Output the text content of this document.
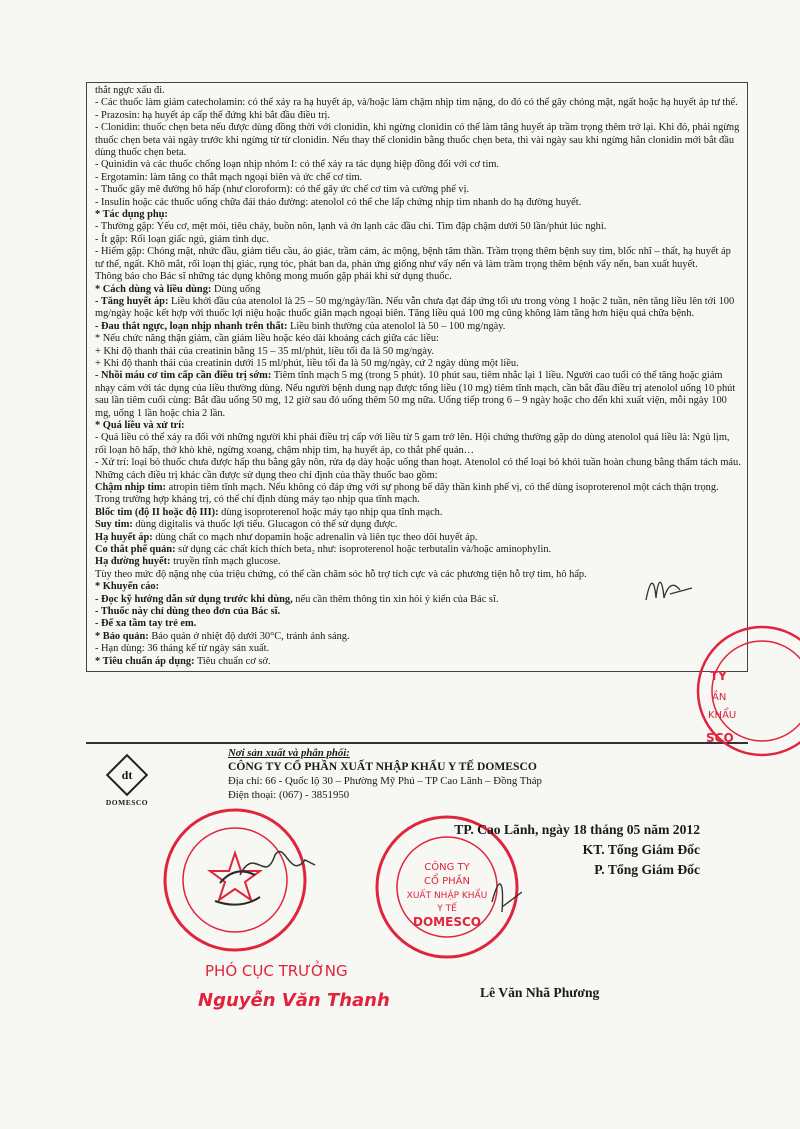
thắt ngực xấu đi.

- Các thuốc làm giảm catecholamin: có thể xảy ra hạ huyết áp, và/hoặc làm chậm nhịp tim nặng, do đó có thể gây chóng mặt, ngất hoặc hạ huyết áp tư thế.

- Prazosin: hạ huyết áp cấp thế đứng khi bắt đầu điều trị.

- Clonidin: thuốc chẹn beta nếu được dùng đồng thời với clonidin, khi ngừng clonidin có thể làm tăng huyết áp trầm trọng thêm trở lại. Khi đó, phải ngừng thuốc chẹn beta vài ngày trước khi ngừng từ từ clonidin. Nếu thay thế clonidin bằng thuốc chẹn beta, thì vài ngày sau khi ngừng hẳn clonidin mới bắt đầu dùng thuốc chẹn beta.

- Quinidin và các thuốc chống loạn nhịp nhóm I: có thể xảy ra tác dụng hiệp đồng đối với cơ tim.

- Ergotamin: làm tăng co thắt mạch ngoại biên và ức chế cơ tim.

- Thuốc gây mê đường hô hấp (như cloroform): có thể gây ức chế cơ tim và cường phế vị.

- Insulin hoặc các thuốc uống chữa đái tháo đường: atenolol có thể che lấp chứng nhịp tim nhanh do hạ đường huyết.

* Tác dụng phụ:

- Thường gặp: Yếu cơ, mệt mỏi, tiêu chảy, buồn nôn, lạnh và ớn lạnh các đầu chi. Tim đập chậm dưới 50 lần/phút lúc nghỉ.

- Ít gặp: Rối loạn giấc ngủ, giảm tình dục.

- Hiếm gặp: Chóng mặt, nhức đầu, giảm tiểu cầu, ảo giác, trầm cảm, ác mộng, bệnh tâm thần. Trầm trọng thêm bệnh suy tim, blốc nhĩ – thất, hạ huyết áp tư thế, ngất. Khô mắt, rối loạn thị giác, rụng tóc, phát ban da, phản ứng giống như vẩy nến và làm trầm trọng thêm bệnh vẩy nến, ban xuất huyết.

Thông báo cho Bác sĩ những tác dụng không mong muốn gặp phải khi sử dụng thuốc.

* Cách dùng và liều dùng: Dùng uống

- Tăng huyết áp: Liều khởi đầu của atenolol là 25 – 50 mg/ngày/lần. Nếu vẫn chưa đạt đáp ứng tối ưu trong vòng 1 hoặc 2 tuần, nên tăng liều lên tới 100 mg/ngày hoặc kết hợp với thuốc lợi niệu hoặc thuốc giãn mạch ngoại biên. Tăng liều quá 100 mg cũng không làm tăng hơn hiệu quả chữa bệnh.

- Đau thắt ngực, loạn nhịp nhanh trên thất: Liều bình thường của atenolol là 50 – 100 mg/ngày.

* Nếu chức năng thận giảm, cần giảm liều hoặc kéo dài khoảng cách giữa các liều:

+ Khi độ thanh thải của creatinin bằng 15 – 35 ml/phút, liều tối đa là 50 mg/ngày.

+ Khi độ thanh thải của creatinin dưới 15 ml/phút, liều tối đa là 50 mg/ngày, cứ 2 ngày dùng một liều.

- Nhồi máu cơ tim cấp cần điều trị sớm: Tiêm tĩnh mạch 5 mg (trong 5 phút). 10 phút sau, tiêm nhắc lại 1 liều. Người cao tuổi có thể tăng hoặc giảm nhạy cảm với tác dụng của liều thường dùng. Nếu người bệnh dung nạp được tổng liều (10 mg) tiêm tĩnh mạch, cần bắt đầu điều trị atenolol uống 10 phút sau lần tiêm cuối cùng: Bắt đầu uống 50 mg, 12 giờ sau đó uống thêm 50 mg nữa. Uống tiếp trong 6 – 9 ngày hoặc cho đến khi xuất viện, mỗi ngày 100 mg, uống 1 lần hoặc chia 2 lần.

* Quá liều và xử trí:

- Quá liều có thể xảy ra đối với những người khi phải điều trị cấp với liều từ 5 gam trở lên. Hội chứng thường gặp do dùng atenolol quá liều là: Ngủ lịm, rối loạn hô hấp, thở khò khè, ngừng xoang, chậm nhịp tim, hạ huyết áp, co thắt phế quản…

- Xử trí: loại bỏ thuốc chưa được hấp thu bằng gây nôn, rửa dạ dày hoặc uống than hoạt. Atenolol có thể loại bỏ khỏi tuần hoàn chung bằng thẩm tách máu. Những cách điều trị khác cần được sử dụng theo chỉ định của thầy thuốc bao gồm:

Chậm nhịp tim: atropin tiêm tĩnh mạch. Nếu không có đáp ứng với sự phong bế dây thần kinh phế vị, có thể dùng isoproterenol một cách thận trọng. Trong trường hợp kháng trị, có thể chỉ định dùng máy tạo nhịp qua tĩnh mạch.

Blốc tim (độ II hoặc độ III): dùng isoproterenol hoặc máy tạo nhịp qua tĩnh mạch.

Suy tim: dùng digitalis và thuốc lợi tiểu. Glucagon có thể sử dụng được.

Hạ huyết áp: dùng chất co mạch như dopamin hoặc adrenalin và liên tục theo dõi huyết áp.

Co thắt phế quản: sử dụng các chất kích thích beta₂ như: isoproterenol hoặc terbutalin và/hoặc aminophylin.

Hạ đường huyết: truyền tĩnh mạch glucose.

Tùy theo mức độ nặng nhẹ của triệu chứng, có thể cần chăm sóc hỗ trợ tích cực và các phương tiện hỗ trợ tim, hô hấp.

* Khuyến cáo:

- Đọc kỹ hướng dẫn sử dụng trước khi dùng, nếu cần thêm thông tin xin hỏi ý kiến của Bác sĩ.

- Thuốc này chỉ dùng theo đơn của Bác sĩ.

- Để xa tầm tay trẻ em.

* Bảo quản: Bảo quản ở nhiệt độ dưới 30°C, tránh ánh sáng.

- Hạn dùng: 36 tháng kể từ ngày sản xuất.

* Tiêu chuẩn áp dụng: Tiêu chuẩn cơ sở.

dt
DOMESCO
Nơi sản xuất và phân phối:
CÔNG TY CỔ PHẦN XUẤT NHẬP KHẨU Y TẾ DOMESCO
Địa chỉ: 66 - Quốc lộ 30 – Phường Mỹ Phú – TP Cao Lãnh – Đồng Tháp
Điện thoại: (067) - 3851950
TY
ẦN
KHẨU
SCO
CÔNG TY
CỔ PHẦN
XUẤT NHẬP KHẨU
Y TẾ
DOMESCO
TP. Cao Lãnh, ngày 18 tháng 05 năm 2012
KT. Tổng Giám Đốc
P. Tổng Giám Đốc
Lê Văn Nhã Phương
PHÓ CỤC TRƯỞNG
Nguyễn Văn Thanh
